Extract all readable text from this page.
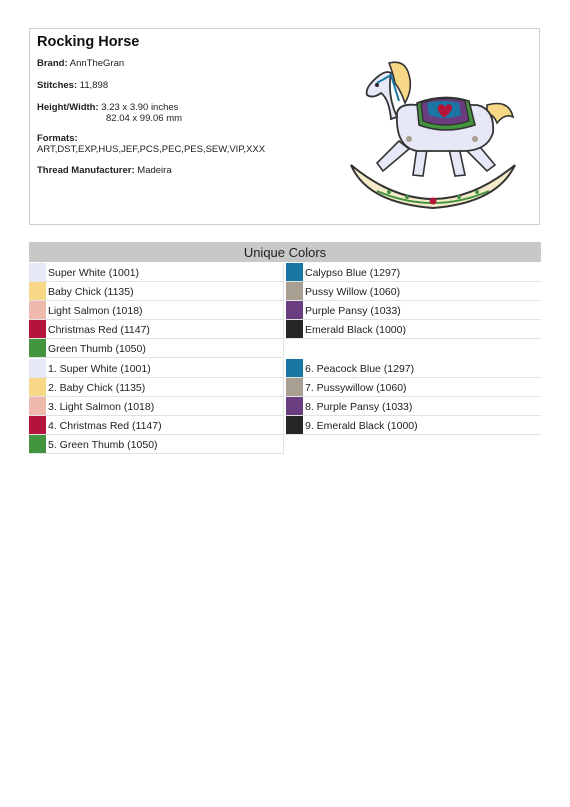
Rocking Horse
Brand: AnnTheGran
Stitches: 11,898
Height/Width: 3.23 x 3.90 inches
82.04 x 99.06 mm
Formats:
ART,DST,EXP,HUS,JEF,PCS,PEC,PES,SEW,VIP,XXX
Thread Manufacturer: Madeira
Unique Colors
Super White (1001)
Baby Chick (1135)
Light Salmon (1018)
Christmas Red (1147)
Green Thumb (1050)
Calypso Blue (1297)
Pussy Willow (1060)
Purple Pansy (1033)
Emerald Black (1000)
1. Super White (1001)
2. Baby Chick (1135)
3. Light Salmon (1018)
4. Christmas Red (1147)
5. Green Thumb (1050)
6. Peacock Blue (1297)
7. Pussywillow (1060)
8. Purple Pansy (1033)
9. Emerald Black (1000)
